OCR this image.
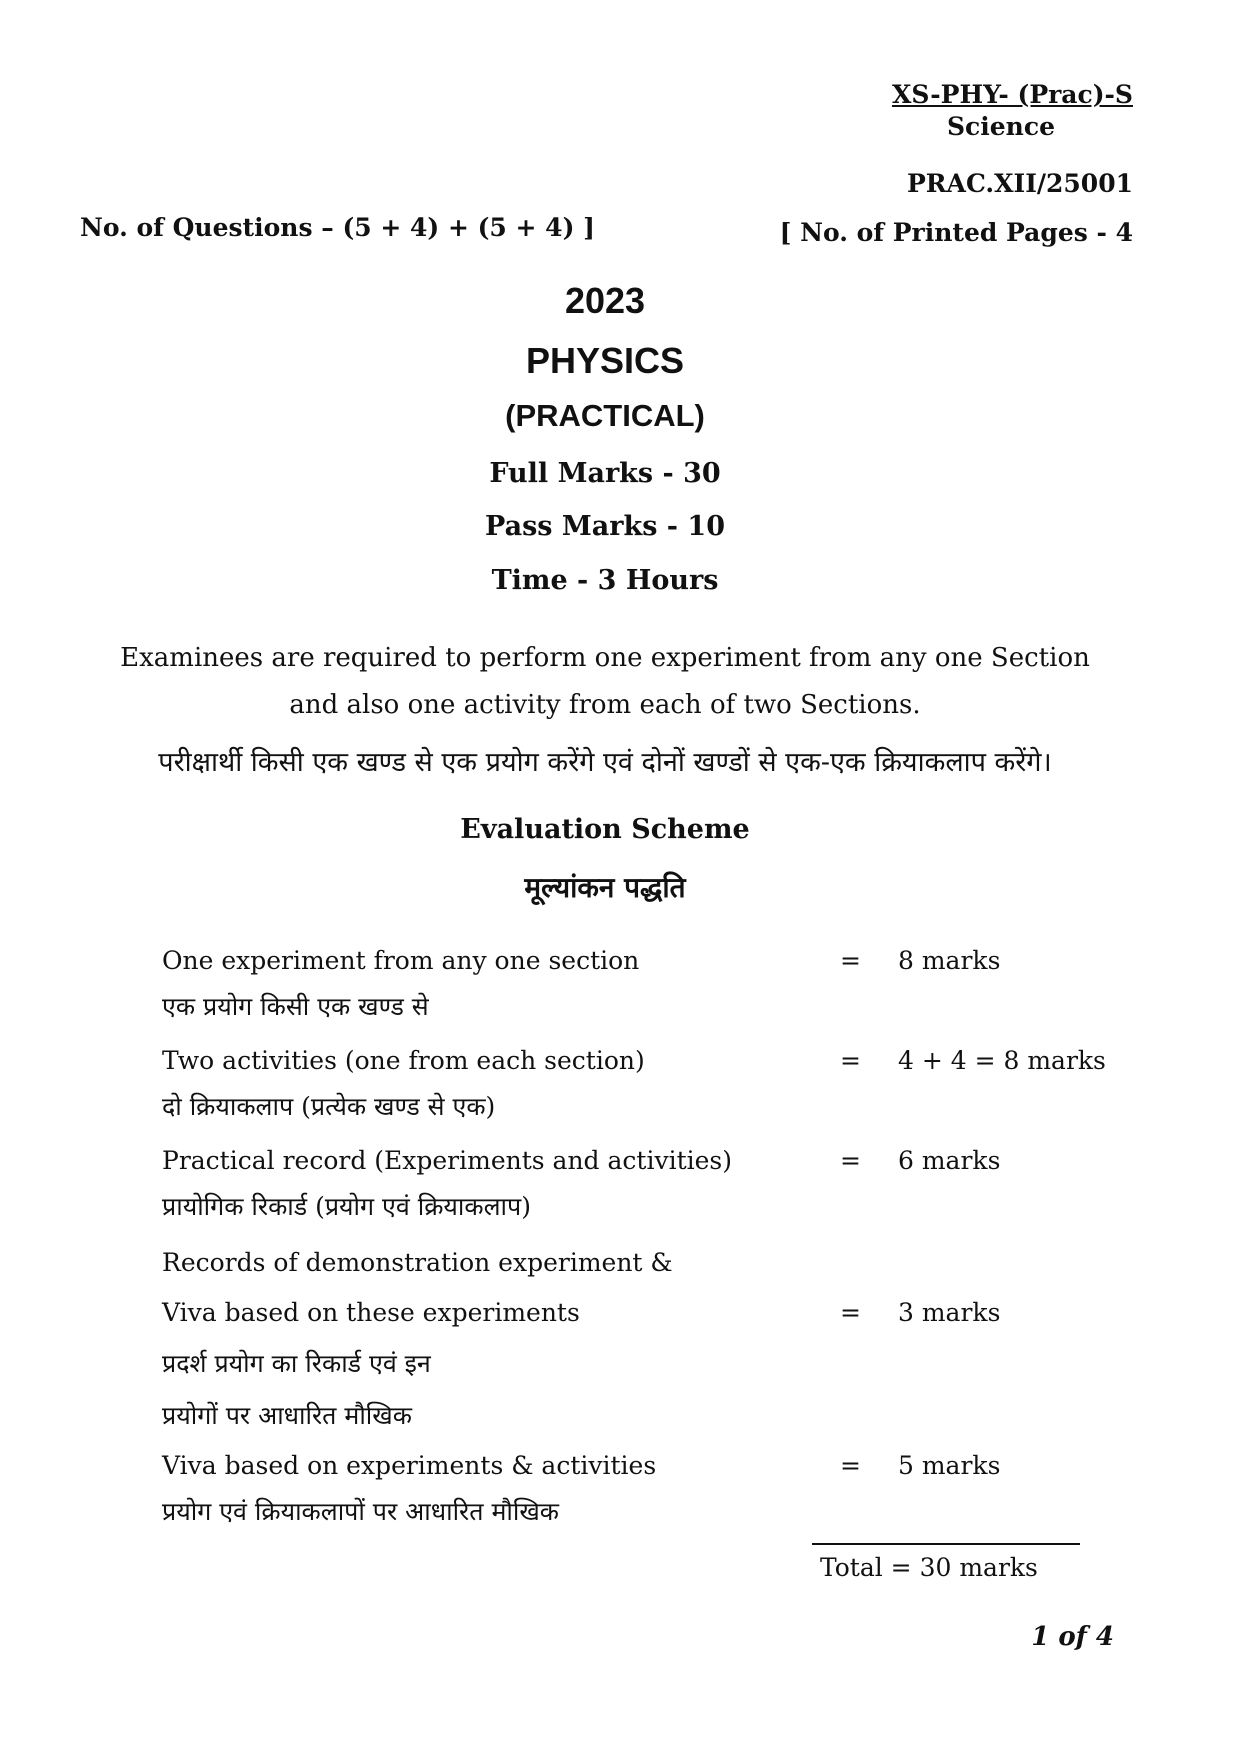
XS-PHY- (Prac)-S
Science
PRAC.XII/25001
No. of Questions – (5 + 4) + (5 + 4) ]	[ No. of Printed Pages - 4
2023
PHYSICS
(PRACTICAL)
Full Marks - 30
Pass Marks - 10
Time - 3 Hours
Examinees are required to perform one experiment from any one Section
and also one activity from each of two Sections.
परीक्षार्थी किसी एक खण्ड से एक प्रयोग करेंगे एवं दोनों खण्डों से एक-एक क्रियाकलाप करेंगे।
Evaluation Scheme
मूल्यांकन पद्धति
One experiment from any one section
एक प्रयोग किसी एक खण्ड से
= 8 marks
Two activities (one from each section)
दो क्रियाकलाप (प्रत्येक खण्ड से एक)
= 4 + 4 = 8 marks
Practical record (Experiments and activities)
प्रायोगिक रिकार्ड (प्रयोग एवं क्रियाकलाप)
= 6 marks
Records of demonstration experiment &
Viva based on these experiments
प्रदर्श प्रयोग का रिकार्ड एवं इन
प्रयोगों पर आधारित मौखिक
= 3 marks
Viva based on experiments & activities
प्रयोग एवं क्रियाकलापों पर आधारित मौखिक
= 5 marks
Total = 30 marks
1 of 4
